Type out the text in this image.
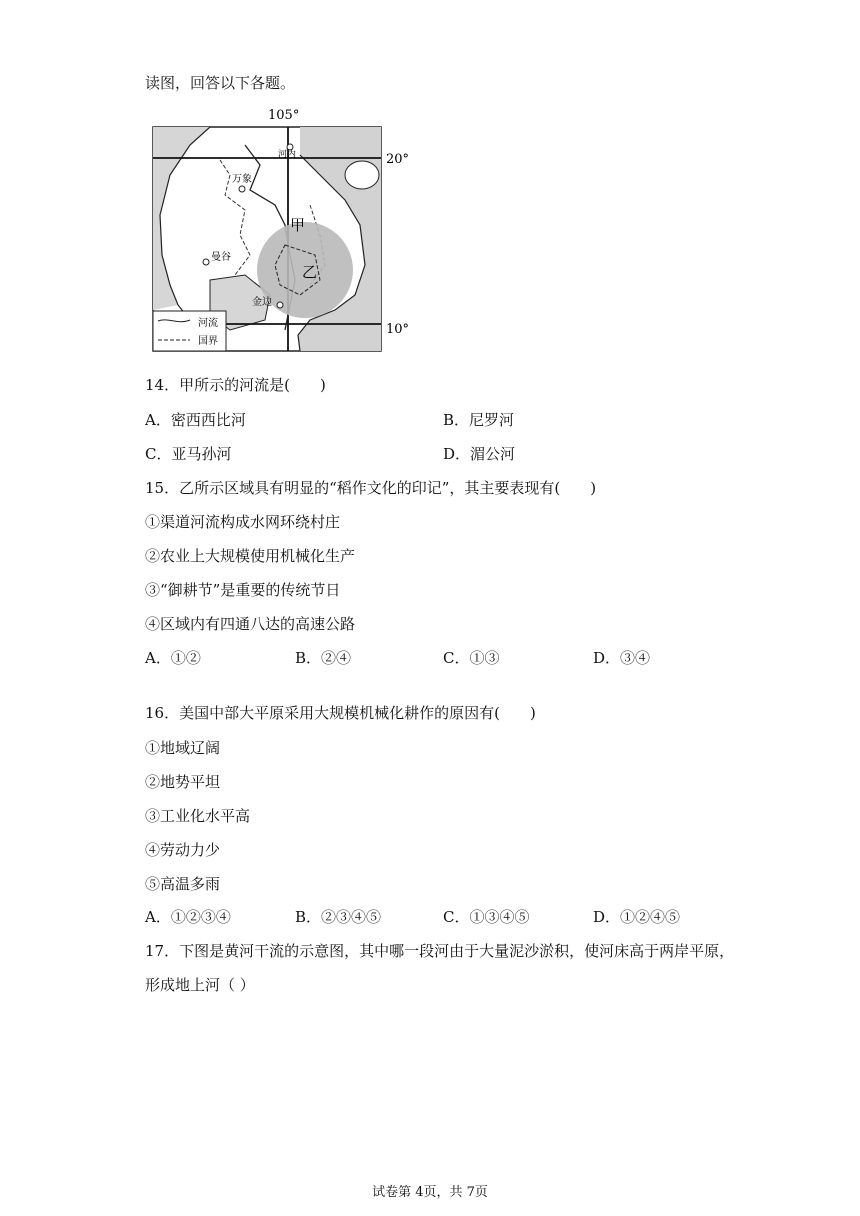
读图，回答以下各题。
105°
河内
万象
曼谷
金边
甲
乙
20°
10°
河流
国界
14．甲所示的河流是(　　)
A．密西西比河	B．尼罗河
C．亚马孙河	D．湄公河
15．乙所示区域具有明显的“稻作文化的印记”，其主要表现有(　　)
①渠道河流构成水网环绕村庄
②农业上大规模使用机械化生产
③“御耕节”是重要的传统节日
④区域内有四通八达的高速公路
A．①②	B．②④	C．①③	D．③④
16．美国中部大平原采用大规模机械化耕作的原因有(　　)
①地域辽阔
②地势平坦
③工业化水平高
④劳动力少
⑤高温多雨
A．①②③④	B．②③④⑤	C．①③④⑤	D．①②④⑤
17．下图是黄河干流的示意图，其中哪一段河由于大量泥沙淤积，使河床高于两岸平原，
形成地上河（ ）
试卷第 4页，共 7页
